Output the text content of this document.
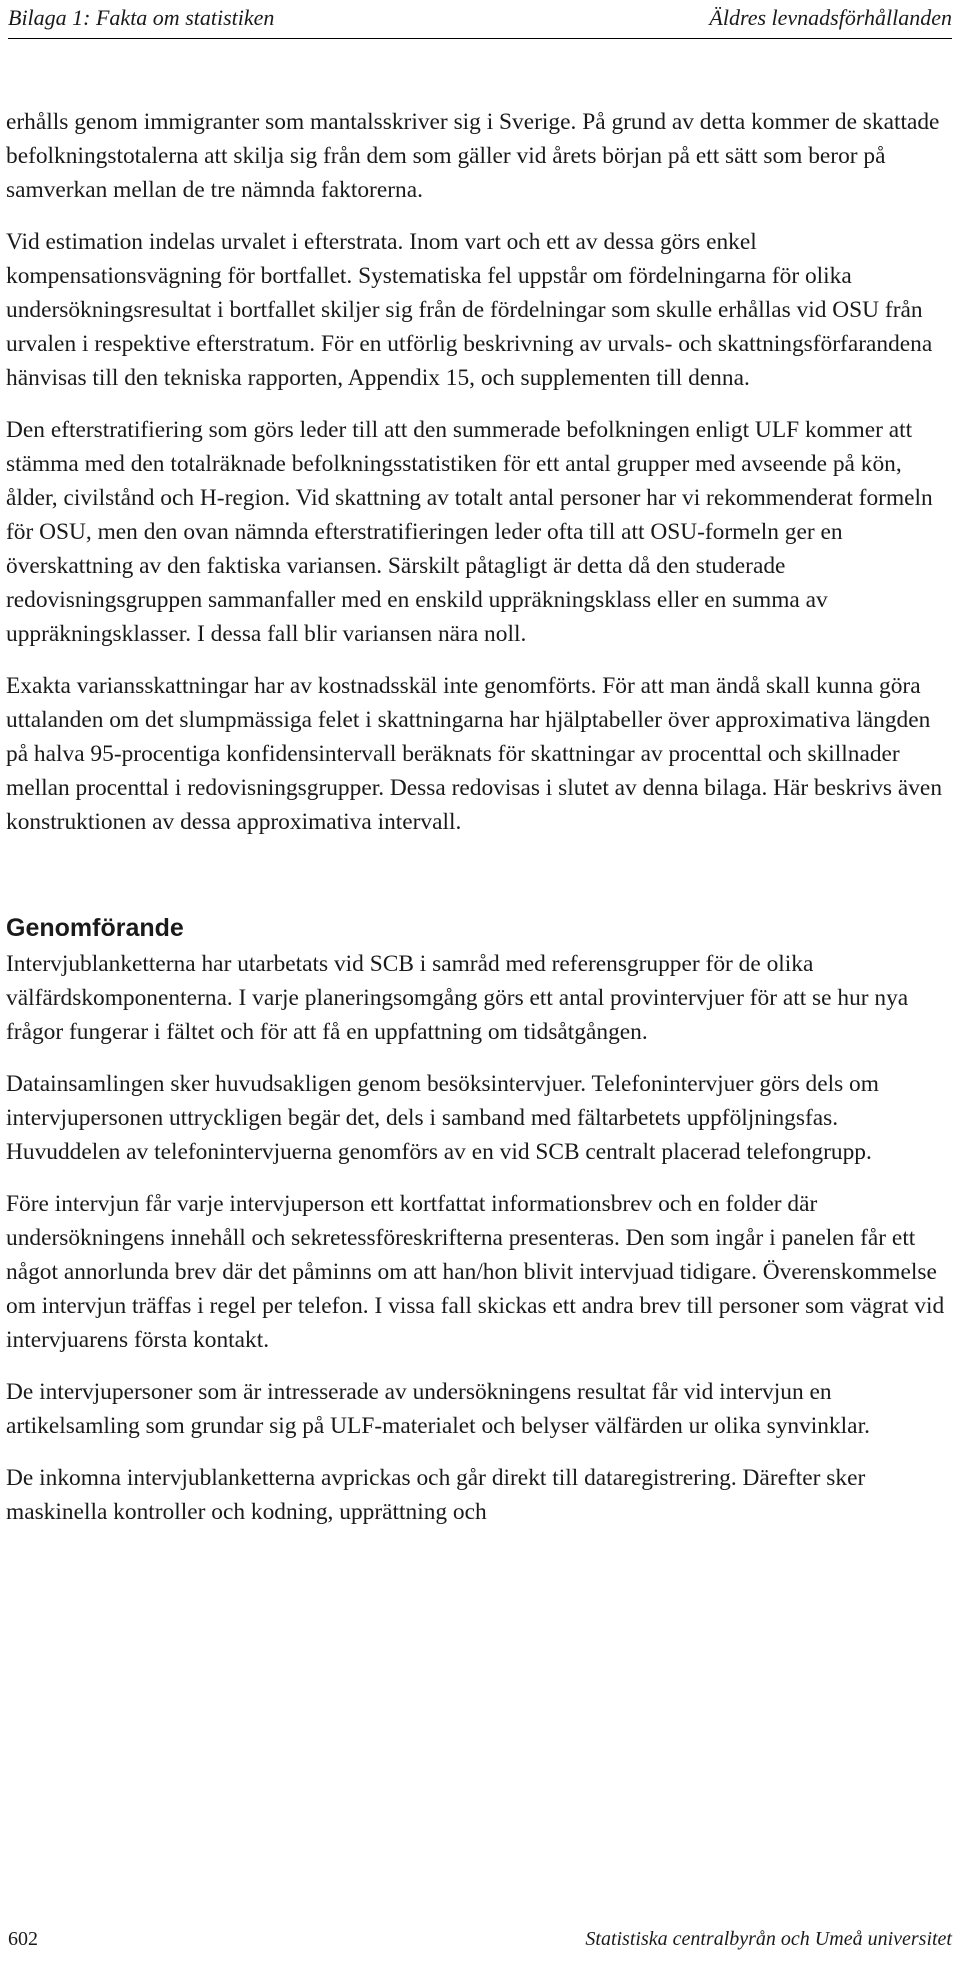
Bilaga 1: Fakta om statistiken	Äldres levnadsförhållanden

erhålls genom immigranter som mantalsskriver sig i Sverige. På grund av detta kommer de skattade befolkningstotalerna att skilja sig från dem som gäller vid årets början på ett sätt som beror på samverkan mellan de tre nämnda faktorerna.

Vid estimation indelas urvalet i efterstrata. Inom vart och ett av dessa görs enkel kompensationsvägning för bortfallet. Systematiska fel uppstår om fördelningarna för olika undersökningsresultat i bortfallet skiljer sig från de fördelningar som skulle erhållas vid OSU från urvalen i respektive efterstratum. För en utförlig beskrivning av urvals- och skattningsförfarandena hänvisas till den tekniska rapporten, Appendix 15, och supplementen till denna.

Den efterstratifiering som görs leder till att den summerade befolkningen enligt ULF kommer att stämma med den totalräknade befolkningsstatistiken för ett antal grupper med avseende på kön, ålder, civilstånd och H-region. Vid skattning av totalt antal personer har vi rekommenderat formeln för OSU, men den ovan nämnda efterstratifieringen leder ofta till att OSU-formeln ger en överskattning av den faktiska variansen. Särskilt påtagligt är detta då den studerade redovisningsgruppen sammanfaller med en enskild uppräkningsklass eller en summa av uppräkningsklasser. I dessa fall blir variansen nära noll.

Exakta variansskattningar har av kostnadsskäl inte genomförts. För att man ändå skall kunna göra uttalanden om det slumpmässiga felet i skattningarna har hjälptabeller över approximativa längden på halva 95-procentiga konfidensintervall beräknats för skattningar av procenttal och skillnader mellan procenttal i redovisningsgrupper. Dessa redovisas i slutet av denna bilaga. Här beskrivs även konstruktionen av dessa approximativa intervall.

Genomförande

Intervjublanketterna har utarbetats vid SCB i samråd med referensgrupper för de olika välfärdskomponenterna. I varje planeringsomgång görs ett antal provintervjuer för att se hur nya frågor fungerar i fältet och för att få en uppfattning om tidsåtgången.

Datainsamlingen sker huvudsakligen genom besöksintervjuer. Telefonintervjuer görs dels om intervjupersonen uttryckligen begär det, dels i samband med fältarbetets uppföljningsfas. Huvuddelen av telefonintervjuerna genomförs av en vid SCB centralt placerad telefongrupp.

Före intervjun får varje intervjuperson ett kortfattat informationsbrev och en folder där undersökningens innehåll och sekretessföreskrifterna presenteras. Den som ingår i panelen får ett något annorlunda brev där det påminns om att han/hon blivit intervjuad tidigare. Överenskommelse om intervjun träffas i regel per telefon. I vissa fall skickas ett andra brev till personer som vägrat vid intervjuarens första kontakt.

De intervjupersoner som är intresserade av undersökningens resultat får vid intervjun en artikelsamling som grundar sig på ULF-materialet och belyser välfärden ur olika synvinklar.

De inkomna intervjublanketterna avprickas och går direkt till dataregistrering. Därefter sker maskinella kontroller och kodning, upprättning och

602	Statistiska centralbyrån och Umeå universitet
